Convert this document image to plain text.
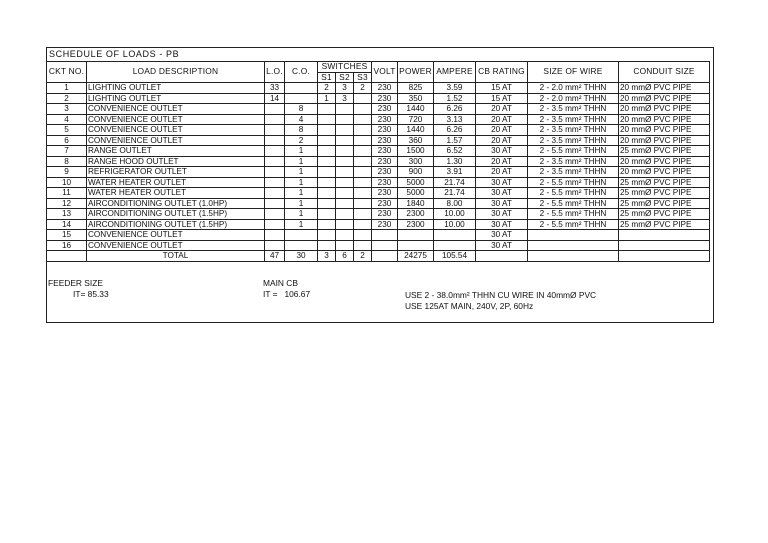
SCHEDULE OF LOADS - PB
CKT NO.	LOAD DESCRIPTION	L.O.	C.O.	SWITCHES			VOLT	POWER	AMPERE	CB RATING	SIZE OF WIRE	CONDUIT SIZE
				S1	S2	S3						
1	LIGHTING OUTLET	33		2	3	2	230	825	3.59	15 AT	2 - 2.0 mm² THHN	20 mmØ PVC PIPE
2	LIGHTING OUTLET	14		1	3		230	350	1.52	15 AT	2 - 2.0 mm² THHN	20 mmØ PVC PIPE
3	CONVENIENCE OUTLET		8				230	1440	6.26	20 AT	2 - 3.5 mm² THHN	20 mmØ PVC PIPE
4	CONVENIENCE OUTLET		4				230	720	3.13	20 AT	2 - 3.5 mm² THHN	20 mmØ PVC PIPE
5	CONVENIENCE OUTLET		8				230	1440	6.26	20 AT	2 - 3.5 mm² THHN	20 mmØ PVC PIPE
6	CONVENIENCE OUTLET		2				230	360	1.57	20 AT	2 - 3.5 mm² THHN	20 mmØ PVC PIPE
7	RANGE OUTLET		1				230	1500	6.52	30 AT	2 - 5.5 mm² THHN	25 mmØ PVC PIPE
8	RANGE HOOD OUTLET		1				230	300	1.30	20 AT	2 - 3.5 mm² THHN	20 mmØ PVC PIPE
9	REFRIGERATOR OUTLET		1				230	900	3.91	20 AT	2 - 3.5 mm² THHN	20 mmØ PVC PIPE
10	WATER HEATER OUTLET		1				230	5000	21.74	30 AT	2 - 5.5 mm² THHN	25 mmØ PVC PIPE
11	WATER HEATER OUTLET		1				230	5000	21.74	30 AT	2 - 5.5 mm² THHN	25 mmØ PVC PIPE
12	AIRCONDITIONING OUTLET (1.0HP)		1				230	1840	8.00	30 AT	2 - 5.5 mm² THHN	25 mmØ PVC PIPE
13	AIRCONDITIONING OUTLET (1.5HP)		1				230	2300	10.00	30 AT	2 - 5.5 mm² THHN	25 mmØ PVC PIPE
14	AIRCONDITIONING OUTLET (1.5HP)		1				230	2300	10.00	30 AT	2 - 5.5 mm² THHN	25 mmØ PVC PIPE
15	CONVENIENCE OUTLET									30 AT		
16	CONVENIENCE OUTLET									30 AT		
	TOTAL	47	30	3	6	2		24275	105.54			
FEEDER SIZE
IT= 85.33
MAIN CB
IT =   106.67	USE 2 - 38.0mm² THHN CU WIRE IN 40mmØ PVC
USE 125AT MAIN, 240V, 2P, 60Hz
